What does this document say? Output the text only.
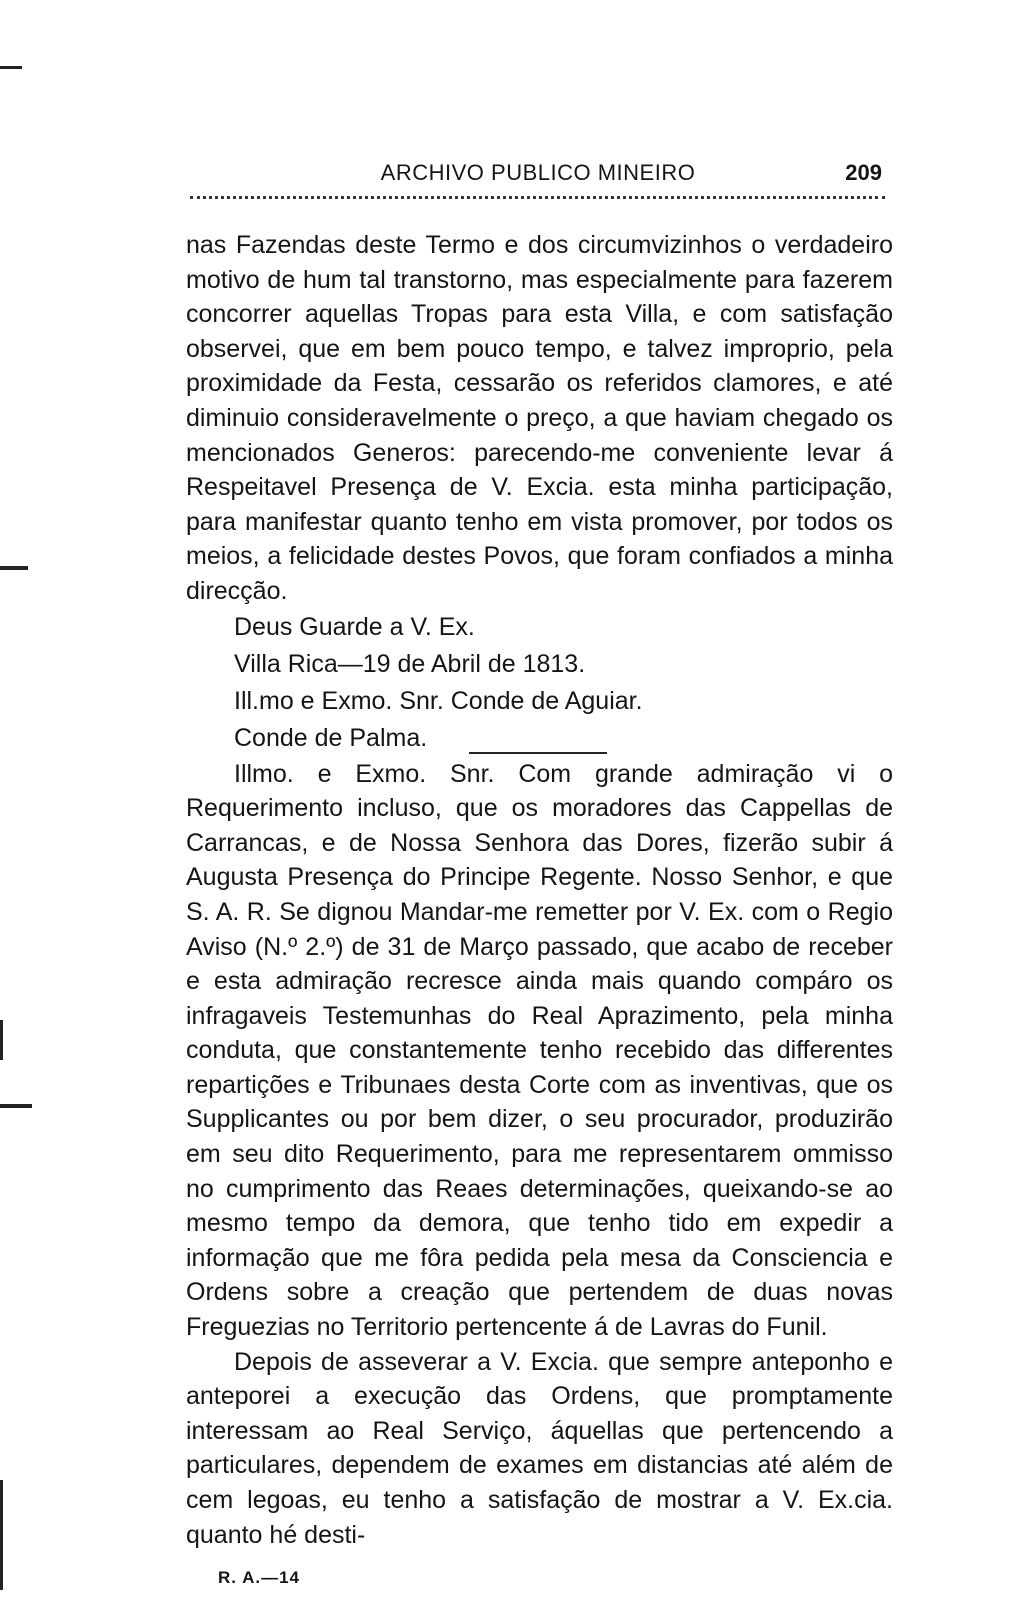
ARCHIVO PUBLICO MINEIRO	209

nas Fazendas deste Termo e dos circumvizinhos o verdadeiro motivo de hum tal transtorno, mas especialmente para fazerem concorrer aquellas Tropas para esta Villa, e com satisfação observei, que em bem pouco tempo, e talvez improprio, pela proximidade da Festa, cessarão os referidos clamores, e até diminuio consideravelmente o preço, a que haviam chegado os mencionados Generos: parecendo-me conveniente levar á Respeitavel Presença de V. Excia. esta minha participação, para manifestar quanto tenho em vista promover, por todos os meios, a felicidade destes Povos, que foram confiados a minha direcção.

Deus Guarde a V. Ex.

Villa Rica—19 de Abril de 1813.

Ill.mo e Exmo. Snr. Conde de Aguiar.

Conde de Palma.

Illmo. e Exmo. Snr. Com grande admiração vi o Requerimento incluso, que os moradores das Cappellas de Carrancas, e de Nossa Senhora das Dores, fizerão subir á Augusta Presença do Principe Regente. Nosso Senhor, e que S. A. R. Se dignou Mandar-me remetter por V. Ex. com o Regio Aviso (N.º 2.º) de 31 de Março passado, que acabo de receber e esta admiração recresce ainda mais quando compáro os infragaveis Testemunhas do Real Aprazimento, pela minha conduta, que constantemente tenho recebido das differentes repartições e Tribunaes desta Corte com as inventivas, que os Supplicantes ou por bem dizer, o seu procurador, produzirão em seu dito Requerimento, para me representarem ommisso no cumprimento das Reaes determinações, queixando-se ao mesmo tempo da demora, que tenho tido em expedir a informação que me fôra pedida pela mesa da Consciencia e Ordens sobre a creação que pertendem de duas novas Freguezias no Territorio pertencente á de Lavras do Funil.

Depois de asseverar a V. Excia. que sempre anteponho e anteporei a execução das Ordens, que promptamente interessam ao Real Serviço, áquellas que pertencendo a particulares, dependem de exames em distancias até além de cem legoas, eu tenho a satisfação de mostrar a V. Ex.cia. quanto hé desti-

R. A.—14
